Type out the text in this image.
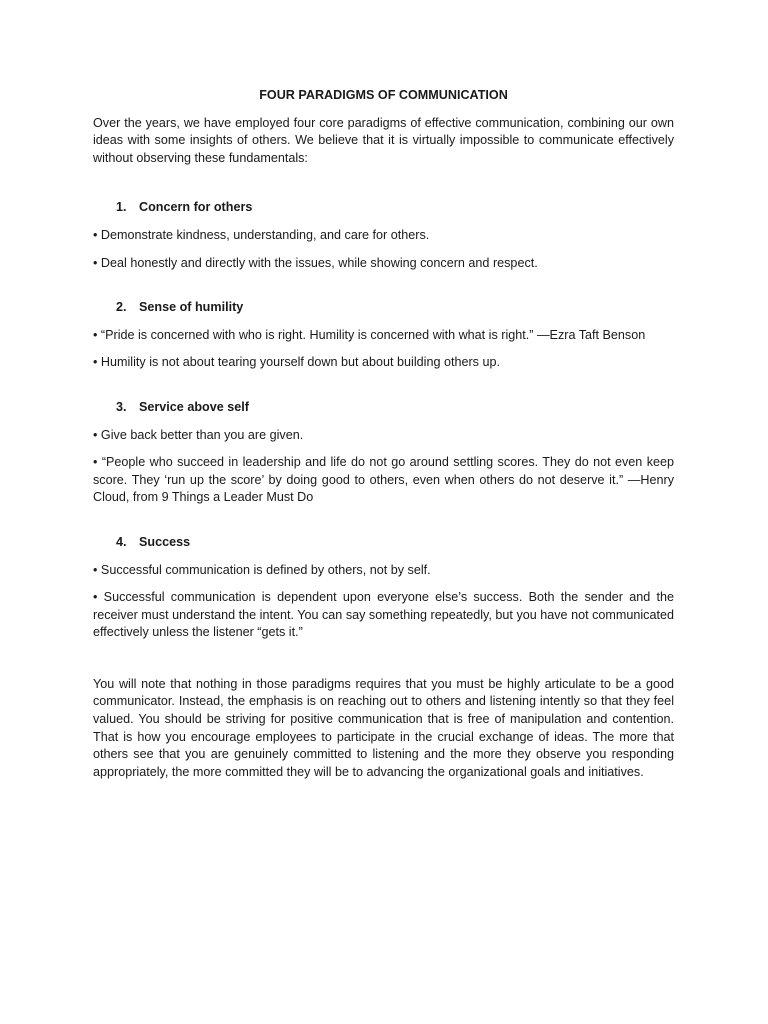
FOUR PARADIGMS OF COMMUNICATION

Over the years, we have employed four core paradigms of effective communication, combining our own ideas with some insights of others. We believe that it is virtually impossible to communicate effectively without observing these fundamentals:

1. Concern for others

• Demonstrate kindness, understanding, and care for others.

• Deal honestly and directly with the issues, while showing concern and respect.

2. Sense of humility

• “Pride is concerned with who is right. Humility is concerned with what is right.” —Ezra Taft Benson

• Humility is not about tearing yourself down but about building others up.

3. Service above self

• Give back better than you are given.

• “People who succeed in leadership and life do not go around settling scores. They do not even keep score. They ‘run up the score’ by doing good to others, even when others do not deserve it.” —Henry Cloud, from 9 Things a Leader Must Do

4. Success

• Successful communication is defined by others, not by self.

• Successful communication is dependent upon everyone else’s success. Both the sender and the receiver must understand the intent. You can say something repeatedly, but you have not communicated effectively unless the listener “gets it.”

You will note that nothing in those paradigms requires that you must be highly articulate to be a good communicator. Instead, the emphasis is on reaching out to others and listening intently so that they feel valued. You should be striving for positive communication that is free of manipulation and contention. That is how you encourage employees to participate in the crucial exchange of ideas. The more that others see that you are genuinely committed to listening and the more they observe you responding appropriately, the more committed they will be to advancing the organizational goals and initiatives.
